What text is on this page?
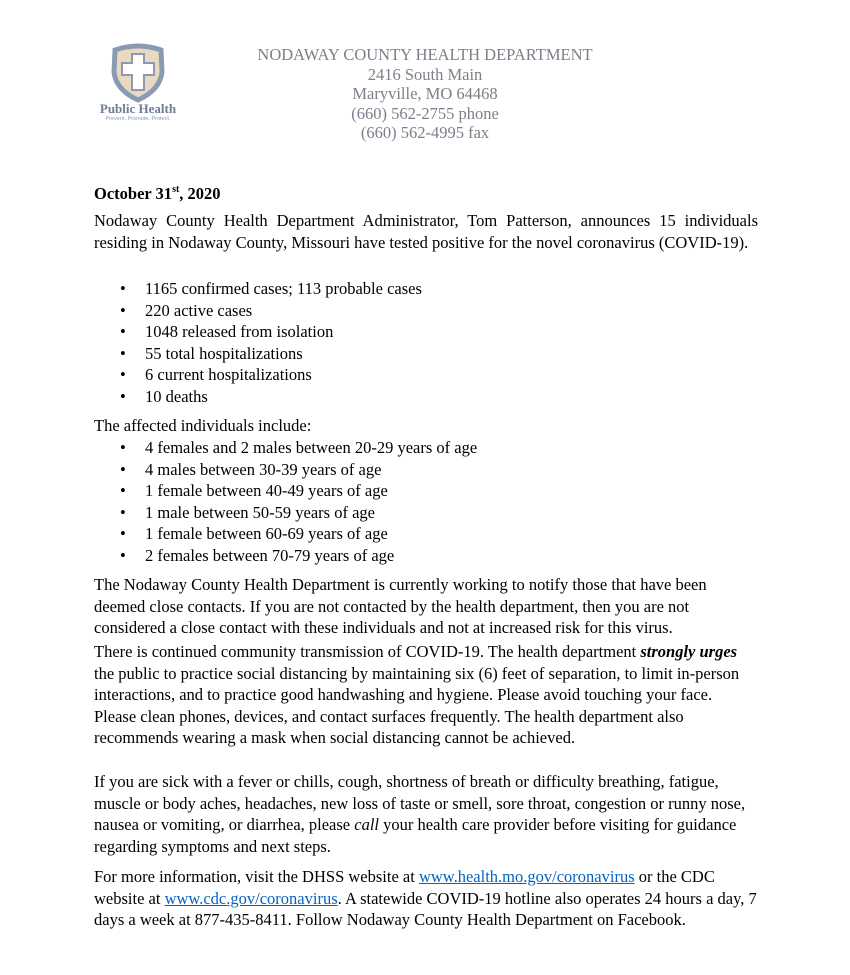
Public Health
Prevent. Promote. Protect.
NODAWAY COUNTY HEALTH DEPARTMENT
2416 South Main
Maryville, MO 64468
(660) 562-2755 phone
(660) 562-4995 fax
October 31st, 2020
Nodaway County Health Department Administrator, Tom Patterson, announces 15 individuals residing in Nodaway County, Missouri have tested positive for the novel coronavirus (COVID-19).
• 1165 confirmed cases; 113 probable cases
• 220 active cases
• 1048 released from isolation
• 55 total hospitalizations
• 6 current hospitalizations
• 10 deaths
The affected individuals include:
• 4 females and 2 males between 20-29 years of age
• 4 males between 30-39 years of age
• 1 female between 40-49 years of age
• 1 male between 50-59 years of age
• 1 female between 60-69 years of age
• 2 females between 70-79 years of age
The Nodaway County Health Department is currently working to notify those that have been deemed close contacts. If you are not contacted by the health department, then you are not considered a close contact with these individuals and not at increased risk for this virus.
There is continued community transmission of COVID-19. The health department strongly urges the public to practice social distancing by maintaining six (6) feet of separation, to limit in-person interactions, and to practice good handwashing and hygiene. Please avoid touching your face. Please clean phones, devices, and contact surfaces frequently. The health department also recommends wearing a mask when social distancing cannot be achieved.
If you are sick with a fever or chills, cough, shortness of breath or difficulty breathing, fatigue, muscle or body aches, headaches, new loss of taste or smell, sore throat, congestion or runny nose, nausea or vomiting, or diarrhea, please call your health care provider before visiting for guidance regarding symptoms and next steps.
For more information, visit the DHSS website at www.health.mo.gov/coronavirus or the CDC website at www.cdc.gov/coronavirus. A statewide COVID-19 hotline also operates 24 hours a day, 7 days a week at 877-435-8411. Follow Nodaway County Health Department on Facebook.
